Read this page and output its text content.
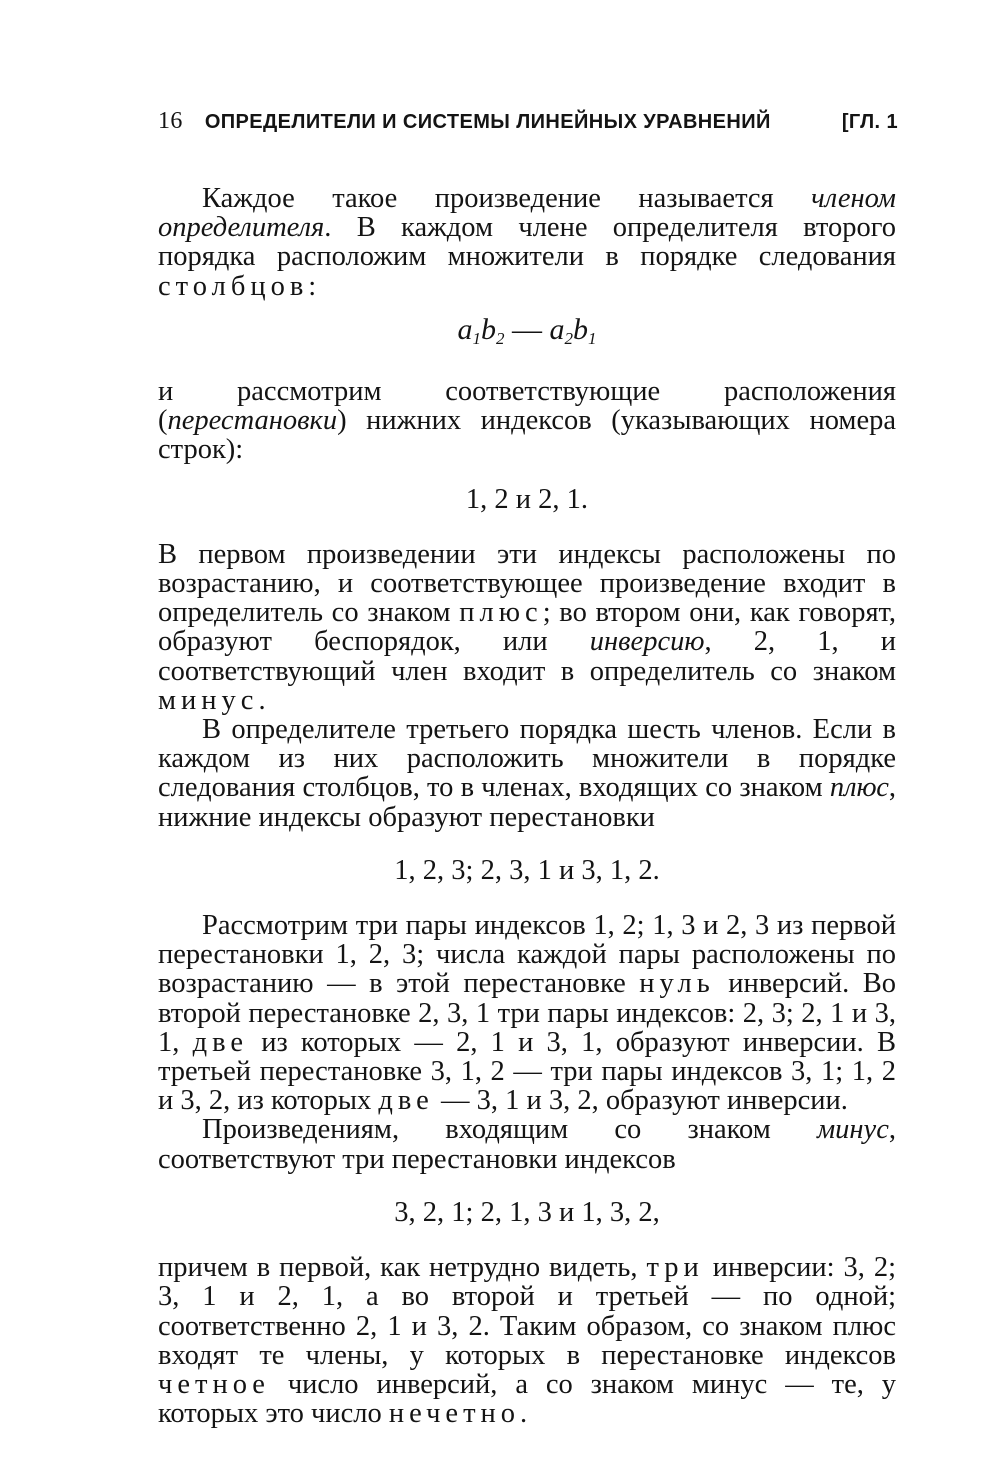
16 ОПРЕДЕЛИТЕЛИ И СИСТЕМЫ ЛИНЕЙНЫХ УРАВНЕНИЙ	[ГЛ. 1

Каждое такое произведение называется членом определителя. В каждом члене определителя второго порядка расположим множители в порядке следования столбцов:

$a_1b_2$ — $a_2b_1$

и рассмотрим соответствующие расположения (перестановки) нижних индексов (указывающих номера строк):

1, 2 и 2, 1.

В первом произведении эти индексы расположены по возрастанию, и соответствующее произведение входит в определитель со знаком плюс; во втором они, как говорят, образуют беспорядок, или инверсию, 2, 1, и соответствующий член входит в определитель со знаком минус.

В определителе третьего порядка шесть членов. Если в каждом из них расположить множители в порядке следования столбцов, то в членах, входящих со знаком плюс, нижние индексы образуют перестановки

1, 2, 3; 2, 3, 1 и 3, 1, 2.

Рассмотрим три пары индексов 1, 2; 1, 3 и 2, 3 из первой перестановки 1, 2, 3; числа каждой пары расположены по возрастанию — в этой перестановке нуль инверсий. Во второй перестановке 2, 3, 1 три пары индексов: 2, 3; 2, 1 и 3, 1, две из которых — 2, 1 и 3, 1, образуют инверсии. В третьей перестановке 3, 1, 2 — три пары индексов 3, 1; 1, 2 и 3, 2, из которых две — 3, 1 и 3, 2, образуют инверсии.

Произведениям, входящим со знаком минус, соответствуют три перестановки индексов

3, 2, 1; 2, 1, 3 и 1, 3, 2,

причем в первой, как нетрудно видеть, три инверсии: 3, 2; 3, 1 и 2, 1, а во второй и третьей — по одной; соответственно 2, 1 и 3, 2. Таким образом, со знаком плюс входят те члены, у которых в перестановке индексов четное число инверсий, а со знаком минус — те, у которых это число нечетно.
